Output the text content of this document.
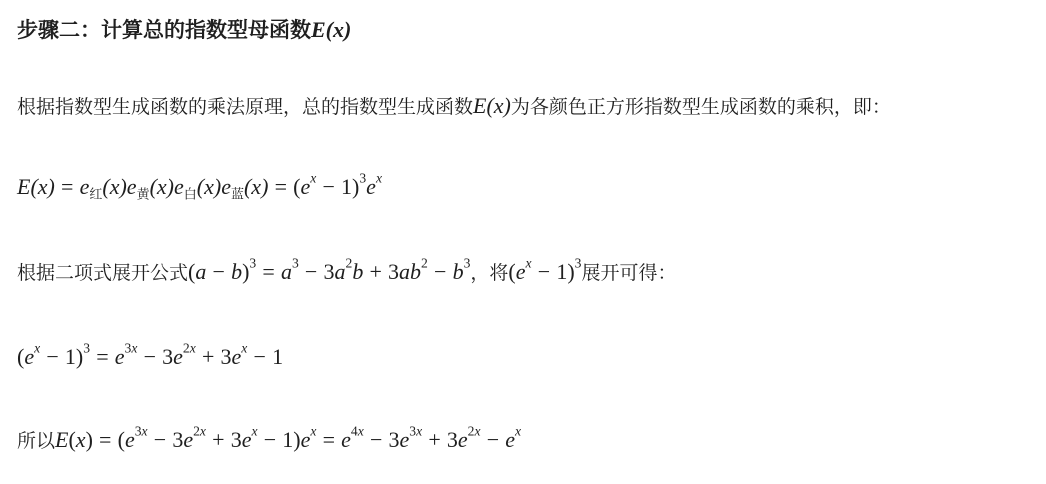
步骤二：计算总的指数型母函数E(x)
根据指数型生成函数的乘法原理，总的指数型生成函数E(x)为各颜色正方形指数型生成函数的乘积，即：
$E(x) = e_红(x)e_黄(x)e_白(x)e_蓝(x) = (e^x - 1)^3e^x$
根据二项式展开公式$(a - b)^3 = a^3 - 3a^2b + 3ab^2 - b^3$，将$(e^x - 1)^3$展开可得：
$(e^x - 1)^3 = e^{3x} - 3e^{2x} + 3e^x - 1$
所以$E(x) = (e^{3x} - 3e^{2x} + 3e^x - 1)e^x = e^{4x} - 3e^{3x} + 3e^{2x} - e^x$
